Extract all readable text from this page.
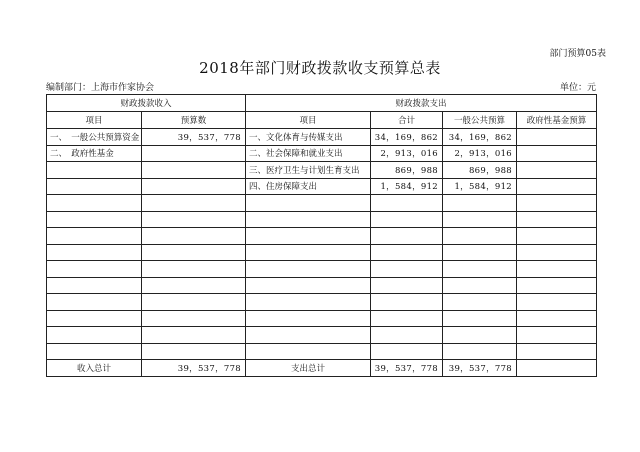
部门预算05表
2018年部门财政拨款收支预算总表
编制部门：上海市作家协会	单位：元
财政拨款收入		财政拨款支出			
项目	预算数	项目	合计	一般公共预算	政府性基金预算
一、　一般公共预算资金	39，537，778	一、文化体育与传媒支出	34，169，862	34，169，862	
二、　政府性基金		二、社会保障和就业支出	2，913，016	2，913，016	
		三、医疗卫生与计划生育支出	869，988	869，988	
		四、住房保障支出	1，584，912	1，584，912	

收入总计	39，537，778	支出总计	39，537，778	39，537，778	
